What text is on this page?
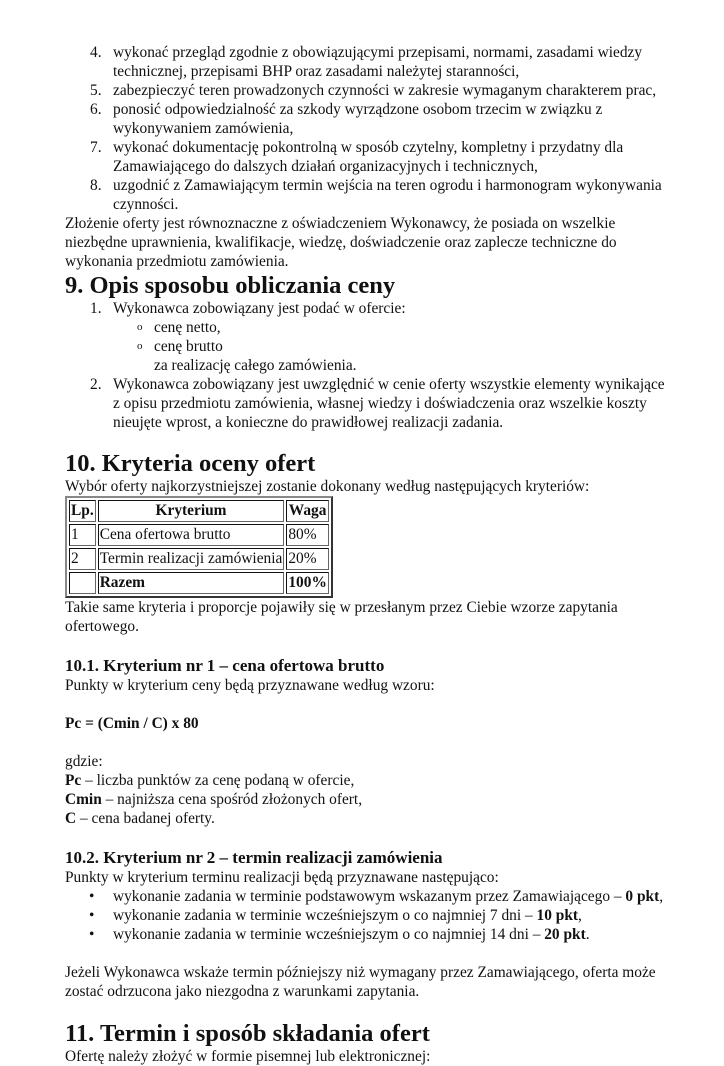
4. wykonać przegląd zgodnie z obowiązującymi przepisami, normami, zasadami wiedzy technicznej, przepisami BHP oraz zasadami należytej staranności,
5. zabezpieczyć teren prowadzonych czynności w zakresie wymaganym charakterem prac,
6. ponosić odpowiedzialność za szkody wyrządzone osobom trzecim w związku z wykonywaniem zamówienia,
7. wykonać dokumentację pokontrolną w sposób czytelny, kompletny i przydatny dla Zamawiającego do dalszych działań organizacyjnych i technicznych,
8. uzgodnić z Zamawiającym termin wejścia na teren ogrodu i harmonogram wykonywania czynności.

Złożenie oferty jest równoznaczne z oświadczeniem Wykonawcy, że posiada on wszelkie niezbędne uprawnienia, kwalifikacje, wiedzę, doświadczenie oraz zaplecze techniczne do wykonania przedmiotu zamówienia.

9. Opis sposobu obliczania ceny
1. Wykonawca zobowiązany jest podać w ofercie:
o cenę netto,
o cenę brutto
za realizację całego zamówienia.
2. Wykonawca zobowiązany jest uwzględnić w cenie oferty wszystkie elementy wynikające z opisu przedmiotu zamówienia, własnej wiedzy i doświadczenia oraz wszelkie koszty nieujęte wprost, a konieczne do prawidłowej realizacji zadania.
10. Kryteria oceny ofert

Wybór oferty najkorzystniejszej zostanie dokonany według następujących kryteriów:

Lp.	Kryterium	Waga
1	Cena ofertowa brutto	80%
2	Termin realizacji zamówienia	20%
	Razem	100%

Takie same kryteria i proporcje pojawiły się w przesłanym przez Ciebie wzorze zapytania ofertowego.

10.1. Kryterium nr 1 – cena ofertowa brutto

Punkty w kryterium ceny będą przyznawane według wzoru:

Pc = (Cmin / C) x 80

gdzie:

Pc – liczba punktów za cenę podaną w ofercie,

Cmin – najniższa cena spośród złożonych ofert,

C – cena badanej oferty.

10.2. Kryterium nr 2 – termin realizacji zamówienia

Punkty w kryterium terminu realizacji będą przyznawane następująco:

• wykonanie zadania w terminie podstawowym wskazanym przez Zamawiającego – 0 pkt,
• wykonanie zadania w terminie wcześniejszym o co najmniej 7 dni – 10 pkt,
• wykonanie zadania w terminie wcześniejszym o co najmniej 14 dni – 20 pkt.

Jeżeli Wykonawca wskaże termin późniejszy niż wymagany przez Zamawiającego, oferta może zostać odrzucona jako niezgodna z warunkami zapytania.

11. Termin i sposób składania ofert

Ofertę należy złożyć w formie pisemnej lub elektronicznej:
